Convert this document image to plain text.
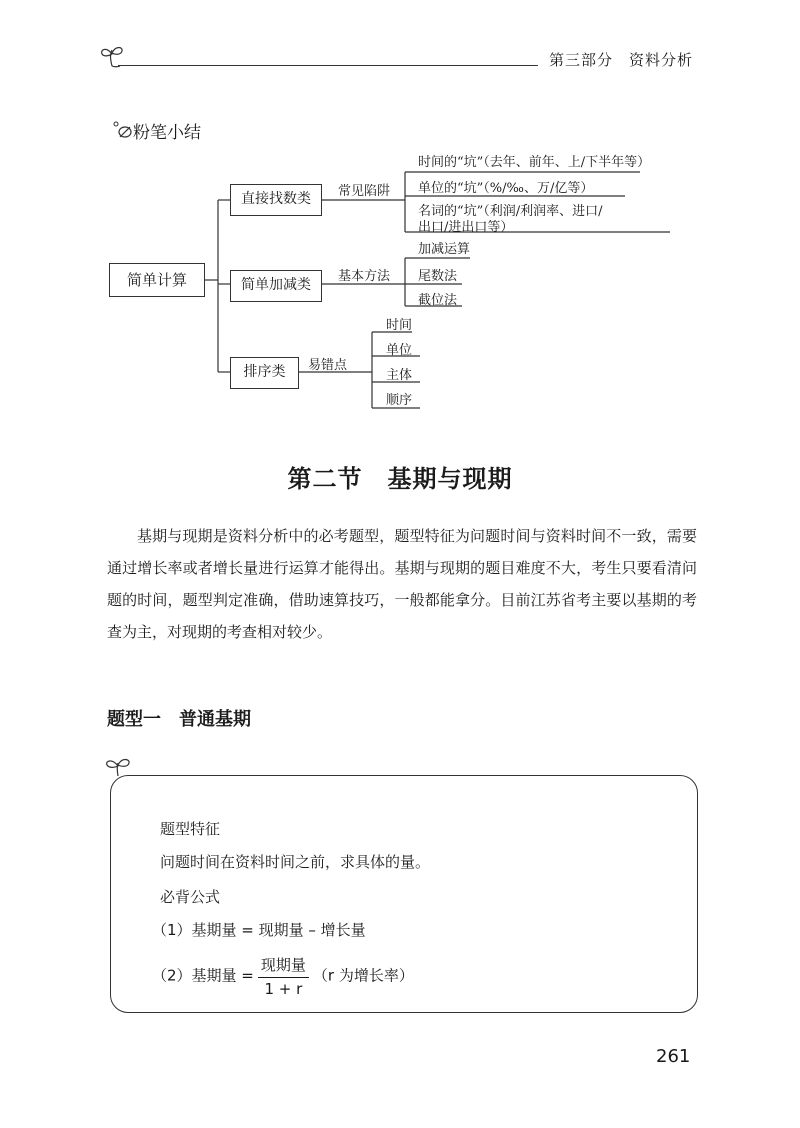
第三部分　资料分析
粉笔小结
简单计算
直接找数类	常见陷阱
时间的“坑”（去年、前年、上/下半年等）
单位的“坑”（%/‰、万/亿等）
名词的“坑”（利润/利润率、进口/
出口/进出口等）
简单加减类
基本方法
加减运算
尾数法
截位法
排序类	易错点
时间
单位
主体
顺序
第二节　基期与现期
基期与现期是资料分析中的必考题型，题型特征为问题时间与资料时间不一致，需要通过增长率或者增长量进行运算才能得出。基期与现期的题目难度不大，考生只要看清问题的时间，题型判定准确，借助速算技巧，一般都能拿分。目前江苏省考主要以基期的考查为主，对现期的考查相对较少。
题型一　普通基期
题型特征
问题时间在资料时间之前，求具体的量。
必背公式
（1）基期量 = 现期量 – 增长量
（2）基期量 = $\frac{\text{现期量}}{1 + r} (r$ 为增长率）
261
